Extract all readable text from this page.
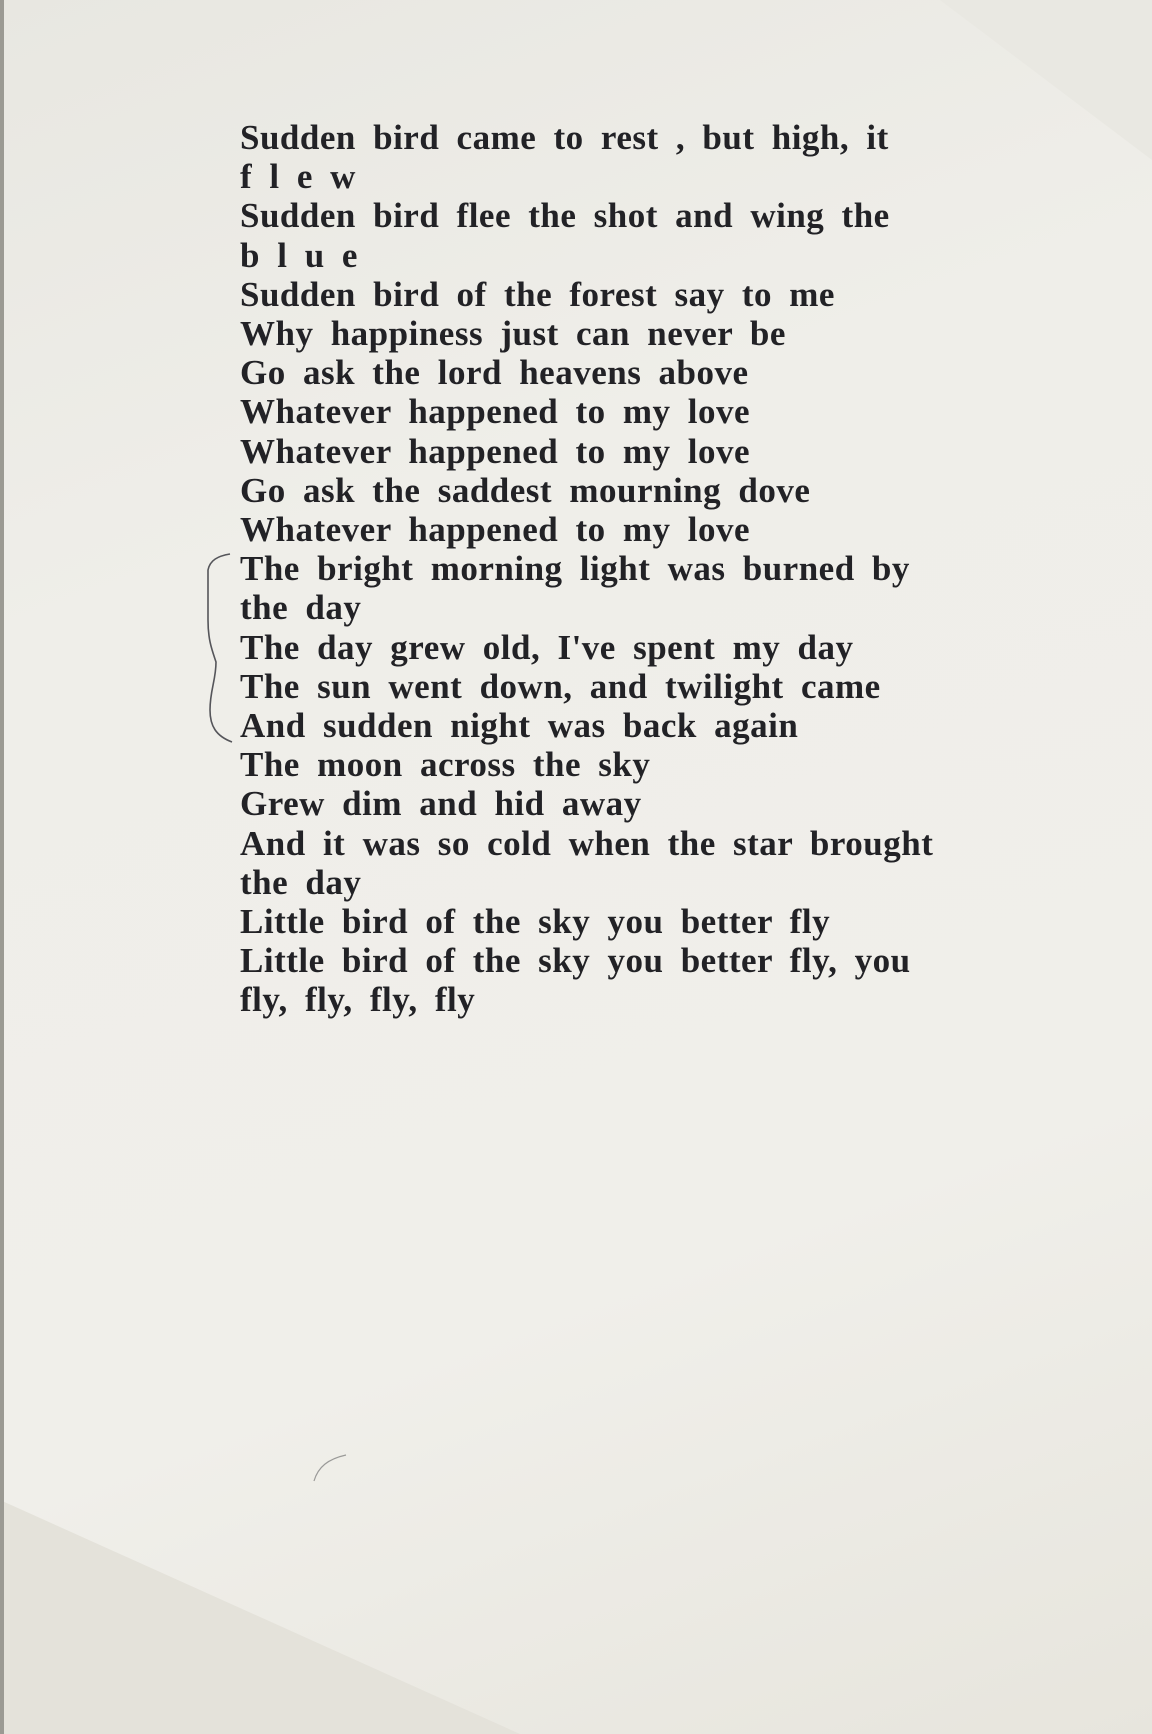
Sudden bird came to rest , but high, it
f l e w
Sudden bird flee the shot and wing the
b l u e
Sudden bird of the forest say to me
Why happiness just can never be
Go ask the lord heavens above
Whatever happened to my love
Whatever happened to my love
Go ask the saddest mourning dove
Whatever happened to my love
The bright morning light was burned by
the day
The day grew old, I've spent my day
The sun went down, and twilight came
And sudden night was back again
The moon across the sky
Grew dim and hid away
And it was so cold when the star brought
the day
Little bird of the sky you better fly
Little bird of the sky you better fly, you
fly, fly, fly, fly
